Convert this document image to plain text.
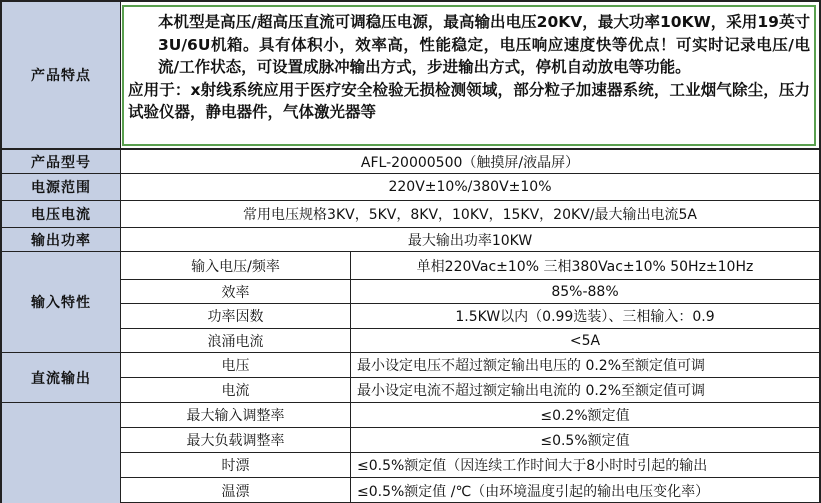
产品特点

本机型是高压/超高压直流可调稳压电源，最高输出电压20KV，最大功率10KW，采用19英寸3U/6U机箱。具有体积小，效率高，性能稳定，电压响应速度快等优点！可实时记录电压/电流/工作状态，可设置成脉冲输出方式，步进输出方式，停机自动放电等功能。

应用于：x射线系统应用于医疗安全检验无损检测领域，部分粒子加速器系统，工业烟气除尘，压力试验仪器，静电器件，气体激光器等

产品型号	AFL-20000500（触摸屏/液晶屏）
电源范围	220V±10%/380V±10%
电压电流	常用电压规格3KV，5KV，8KV，10KV，15KV，20KV/最大输出电流5A
输出功率	最大输出功率10KW
输入特性
输入电压/频率	单相220Vac±10% 三相380Vac±10% 50Hz±10Hz
效率	85%-88%
功率因数	1.5KW以内（0.99选装）、三相输入：0.9
浪涌电流	<5A
直流输出
电压	最小设定电压不超过额定输出电压的 0.2%至额定值可调
电流	最小设定电流不超过额定输出电流的 0.2%至额定值可调
最大输入调整率	≤0.2%额定值
最大负载调整率	≤0.5%额定值
时漂	≤0.5%额定值（因连续工作时间大于8小时时引起的输出
温漂	≤0.5%额定值 /℃（由环境温度引起的输出电压变化率）
